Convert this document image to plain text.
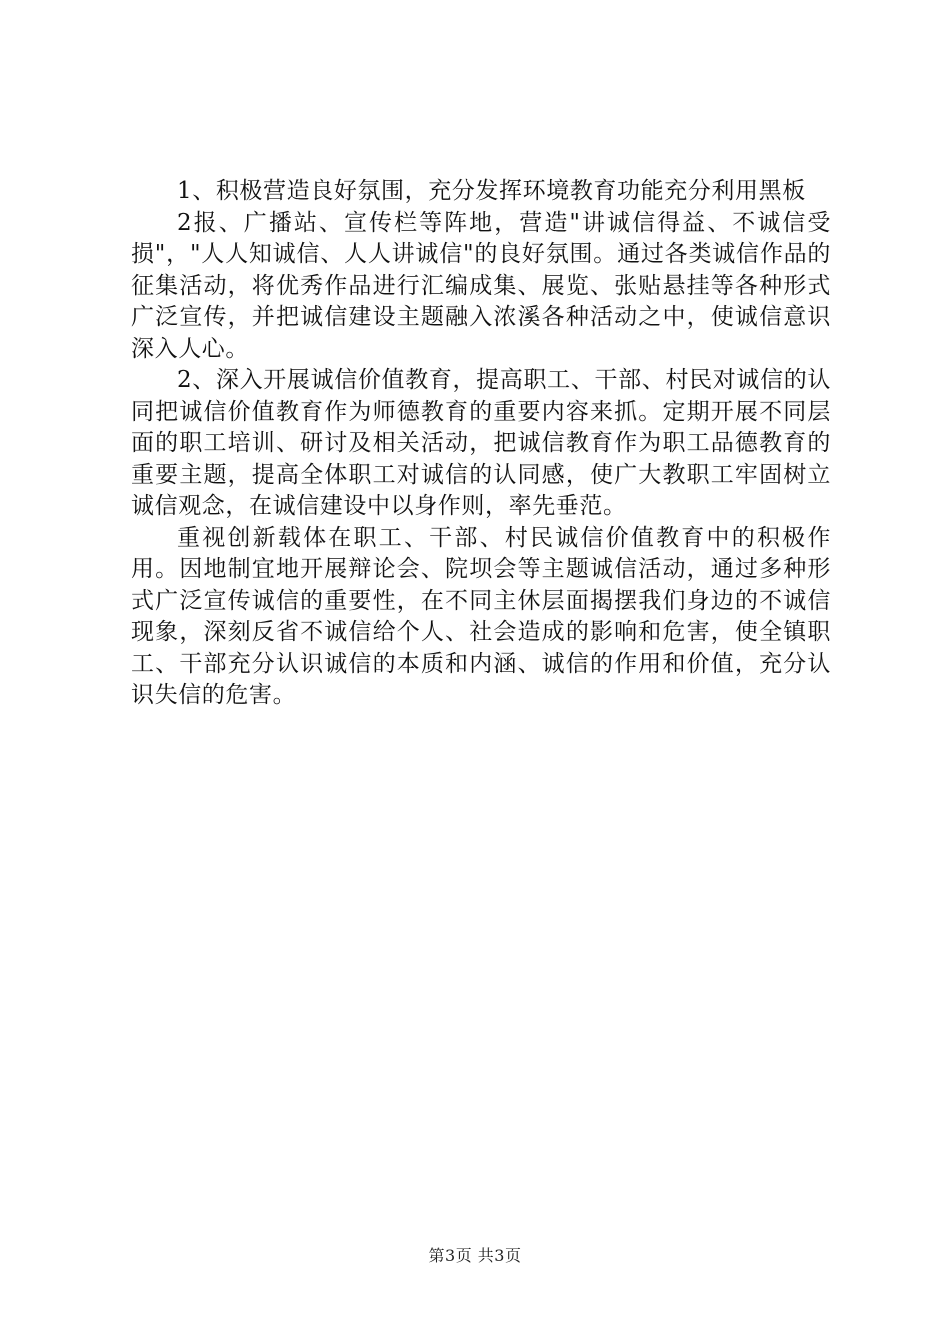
1、积极营造良好氛围，充分发挥环境教育功能充分利用黑板

2报、广播站、宣传栏等阵地，营造"讲诚信得益、不诚信受损"，"人人知诚信、人人讲诚信"的良好氛围。通过各类诚信作品的征集活动，将优秀作品进行汇编成集、展览、张贴悬挂等各种形式广泛宣传，并把诚信建设主题融入浓溪各种活动之中，使诚信意识深入人心。

2、深入开展诚信价值教育，提高职工、干部、村民对诚信的认同把诚信价值教育作为师德教育的重要内容来抓。定期开展不同层面的职工培训、研讨及相关活动，把诚信教育作为职工品德教育的重要主题，提高全体职工对诚信的认同感，使广大教职工牢固树立诚信观念，在诚信建设中以身作则，率先垂范。

重视创新载体在职工、干部、村民诚信价值教育中的积极作用。因地制宜地开展辩论会、院坝会等主题诚信活动，通过多种形式广泛宣传诚信的重要性，在不同主休层面揭摆我们身边的不诚信现象，深刻反省不诚信给个人、社会造成的影响和危害，使全镇职工、干部充分认识诚信的本质和内涵、诚信的作用和价值，充分认识失信的危害。

第3页 共3页
